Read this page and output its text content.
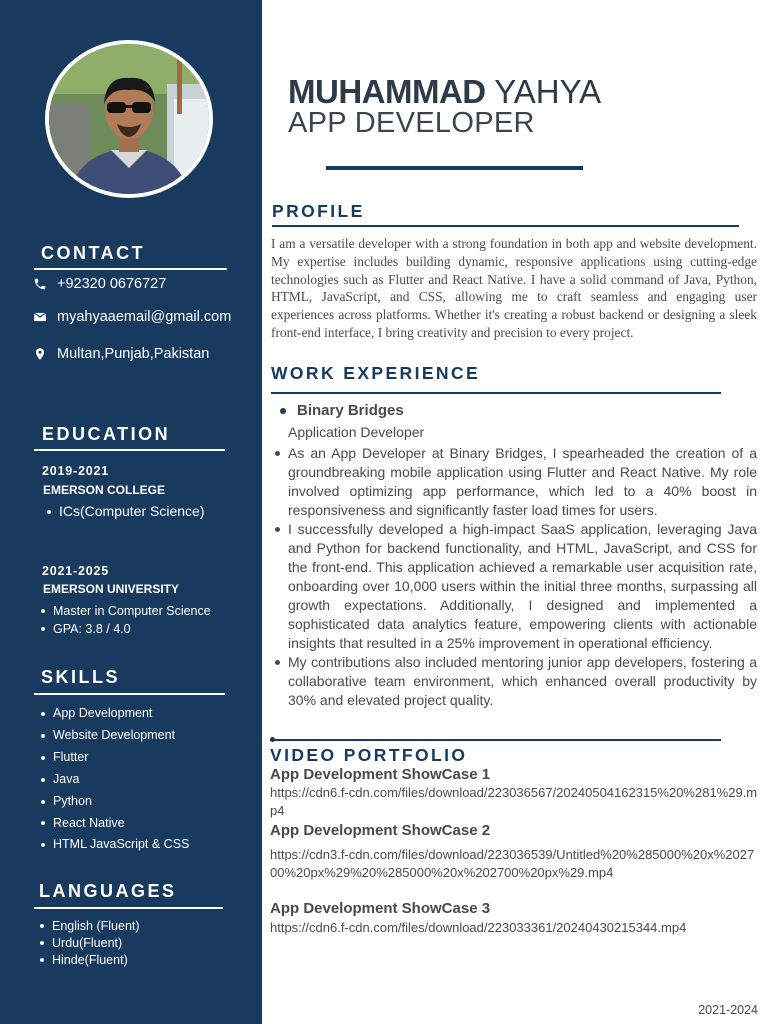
CONTACT
+92320 0676727
myahyaaemail@gmail.com
Multan,Punjab,Pakistan
EDUCATION
2019-2021
EMERSON COLLEGE
ICs(Computer Science)
2021-2025
EMERSON UNIVERSITY
Master in Computer Science
GPA: 3.8 / 4.0
SKILLS
App Development
Website Development
Flutter
Java
Python
React Native
HTML JavaScript & CSS
LANGUAGES
English (Fluent)
Urdu(Fluent)
Hinde(Fluent)
MUHAMMAD YAHYA
APP DEVELOPER
PROFILE

I am a versatile developer with a strong foundation in both app and website development. My expertise includes building dynamic, responsive applications using cutting-edge technologies such as Flutter and React Native. I have a solid command of Java, Python, HTML, JavaScript, and CSS, allowing me to craft seamless and engaging user experiences across platforms. Whether it's creating a robust backend or designing a sleek front-end interface, I bring creativity and precision to every project.

WORK EXPERIENCE
Binary Bridges
Application Developer
As an App Developer at Binary Bridges, I spearheaded the creation of a groundbreaking mobile application using Flutter and React Native. My role involved optimizing app performance, which led to a 40% boost in responsiveness and significantly faster load times for users.
I successfully developed a high-impact SaaS application, leveraging Java and Python for backend functionality, and HTML, JavaScript, and CSS for the front-end. This application achieved a remarkable user acquisition rate, onboarding over 10,000 users within the initial three months, surpassing all growth expectations. Additionally, I designed and implemented a sophisticated data analytics feature, empowering clients with actionable insights that resulted in a 25% improvement in operational efficiency.
My contributions also included mentoring junior app developers, fostering a collaborative team environment, which enhanced overall productivity by 30% and elevated project quality.
VIDEO PORTFOLIO
App Development ShowCase 1
https://cdn6.f-cdn.com/files/download/223036567/20240504162315%20%281%29.mp4
App Development ShowCase 2
https://cdn3.f-cdn.com/files/download/223036539/Untitled%20%285000%20x%202700%20px%29%20%285000%20x%202700%20px%29.mp4
App Development ShowCase 3
https://cdn6.f-cdn.com/files/download/223033361/20240430215344.mp4
2021-2024
